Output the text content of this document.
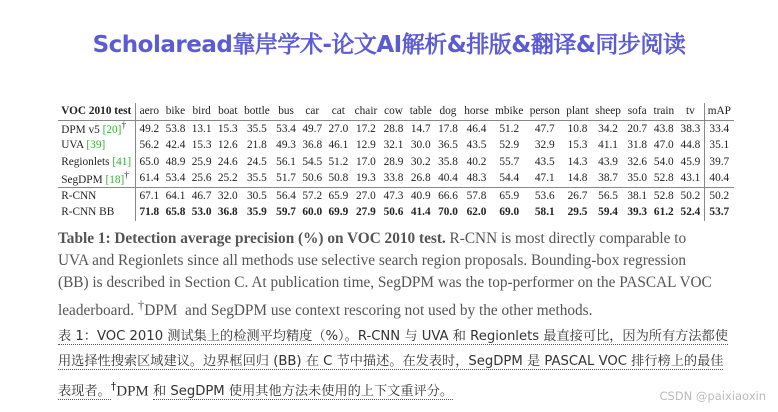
Scholaread靠岸学术-论文AI解析&排版&翻译&同步阅读
VOC 2010 test	aero	bike	bird	boat	bottle	bus	car	cat	chair	cow	table	dog	horse	mbike	person	plant	sheep	sofa	train	tv	mAP
DPM v5 [20]†	49.2	53.8	13.1	15.3	35.5	53.4	49.7	27.0	17.2	28.8	14.7	17.8	46.4	51.2	47.7	10.8	34.2	20.7	43.8	38.3	33.4
UVA [39]	56.2	42.4	15.3	12.6	21.8	49.3	36.8	46.1	12.9	32.1	30.0	36.5	43.5	52.9	32.9	15.3	41.1	31.8	47.0	44.8	35.1
Regionlets [41]	65.0	48.9	25.9	24.6	24.5	56.1	54.5	51.2	17.0	28.9	30.2	35.8	40.2	55.7	43.5	14.3	43.9	32.6	54.0	45.9	39.7
SegDPM [18]†	61.4	53.4	25.6	25.2	35.5	51.7	50.6	50.8	19.3	33.8	26.8	40.4	48.3	54.4	47.1	14.8	38.7	35.0	52.8	43.1	40.4
R-CNN	67.1	64.1	46.7	32.0	30.5	56.4	57.2	65.9	27.0	47.3	40.9	66.6	57.8	65.9	53.6	26.7	56.5	38.1	52.8	50.2	50.2
R-CNN BB	71.8	65.8	53.0	36.8	35.9	59.7	60.0	69.9	27.9	50.6	41.4	70.0	62.0	69.0	58.1	29.5	59.4	39.3	61.2	52.4	53.7
Table 1: Detection average precision (%) on VOC 2010 test. R-CNN is most directly comparable to UVA and Regionlets since all methods use selective search region proposals. Bounding-box regression (BB) is described in Section C. At publication time, SegDPM was the top-performer on the PASCAL VOC leaderboard. †DPM  and SegDPM use context rescoring not used by the other methods.
表 1：VOC 2010 测试集上的检测平均精度（%）。R-CNN 与 UVA 和 Regionlets 最直接可比，因为所有方法都使用选择性搜索区域建议。边界框回归 (BB) 在 C 节中描述。在发表时，SegDPM 是 PASCAL VOC 排行榜上的最佳表现者。†DPM 和 SegDPM 使用其他方法未使用的上下文重评分。	CSDN @paixiaoxin
